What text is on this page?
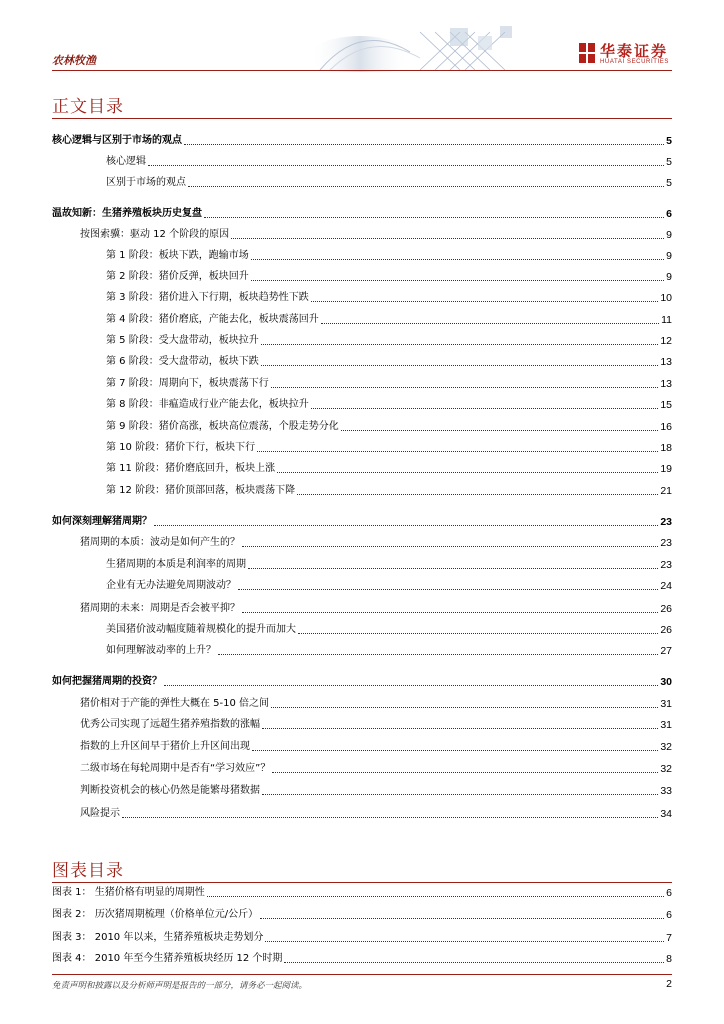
华泰证券
HUATAI SECURITIES
农林牧渔
正文目录
核心逻辑与区别于市场的观点	5
核心逻辑	5
区别于市场的观点	5
温故知新：生猪养殖板块历史复盘	6
按图索骥：驱动 12 个阶段的原因	9
第 1 阶段：板块下跌，跑输市场	9
第 2 阶段：猪价反弹，板块回升	9
第 3 阶段：猪价进入下行期，板块趋势性下跌	10
第 4 阶段：猪价磨底，产能去化，板块震荡回升	11
第 5 阶段：受大盘带动，板块拉升	12
第 6 阶段：受大盘带动，板块下跌	13
第 7 阶段：周期向下，板块震荡下行	13
第 8 阶段：非瘟造成行业产能去化，板块拉升	15
第 9 阶段：猪价高涨，板块高位震荡，个股走势分化	16
第 10 阶段：猪价下行，板块下行	18
第 11 阶段：猪价磨底回升，板块上涨	19
第 12 阶段：猪价顶部回落，板块震荡下降	21
如何深刻理解猪周期？	23
猪周期的本质：波动是如何产生的？	23
生猪周期的本质是利润率的周期	23
企业有无办法避免周期波动？	24
猪周期的未来：周期是否会被平抑？	26
美国猪价波动幅度随着规模化的提升而加大	26
如何理解波动率的上升？	27
如何把握猪周期的投资？	30
猪价相对于产能的弹性大概在 5-10 倍之间	31
优秀公司实现了远超生猪养殖指数的涨幅	31
指数的上升区间早于猪价上升区间出现	32
二级市场在每轮周期中是否有“学习效应”？	32
判断投资机会的核心仍然是能繁母猪数据	33
风险提示	34
图表目录
图表 1： 生猪价格有明显的周期性	6
图表 2： 历次猪周期梳理（价格单位元/公斤）	6
图表 3： 2010 年以来，生猪养殖板块走势划分	7
图表 4： 2010 年至今生猪养殖板块经历 12 个时期	8
免责声明和披露以及分析师声明是报告的一部分，请务必一起阅读。	2
